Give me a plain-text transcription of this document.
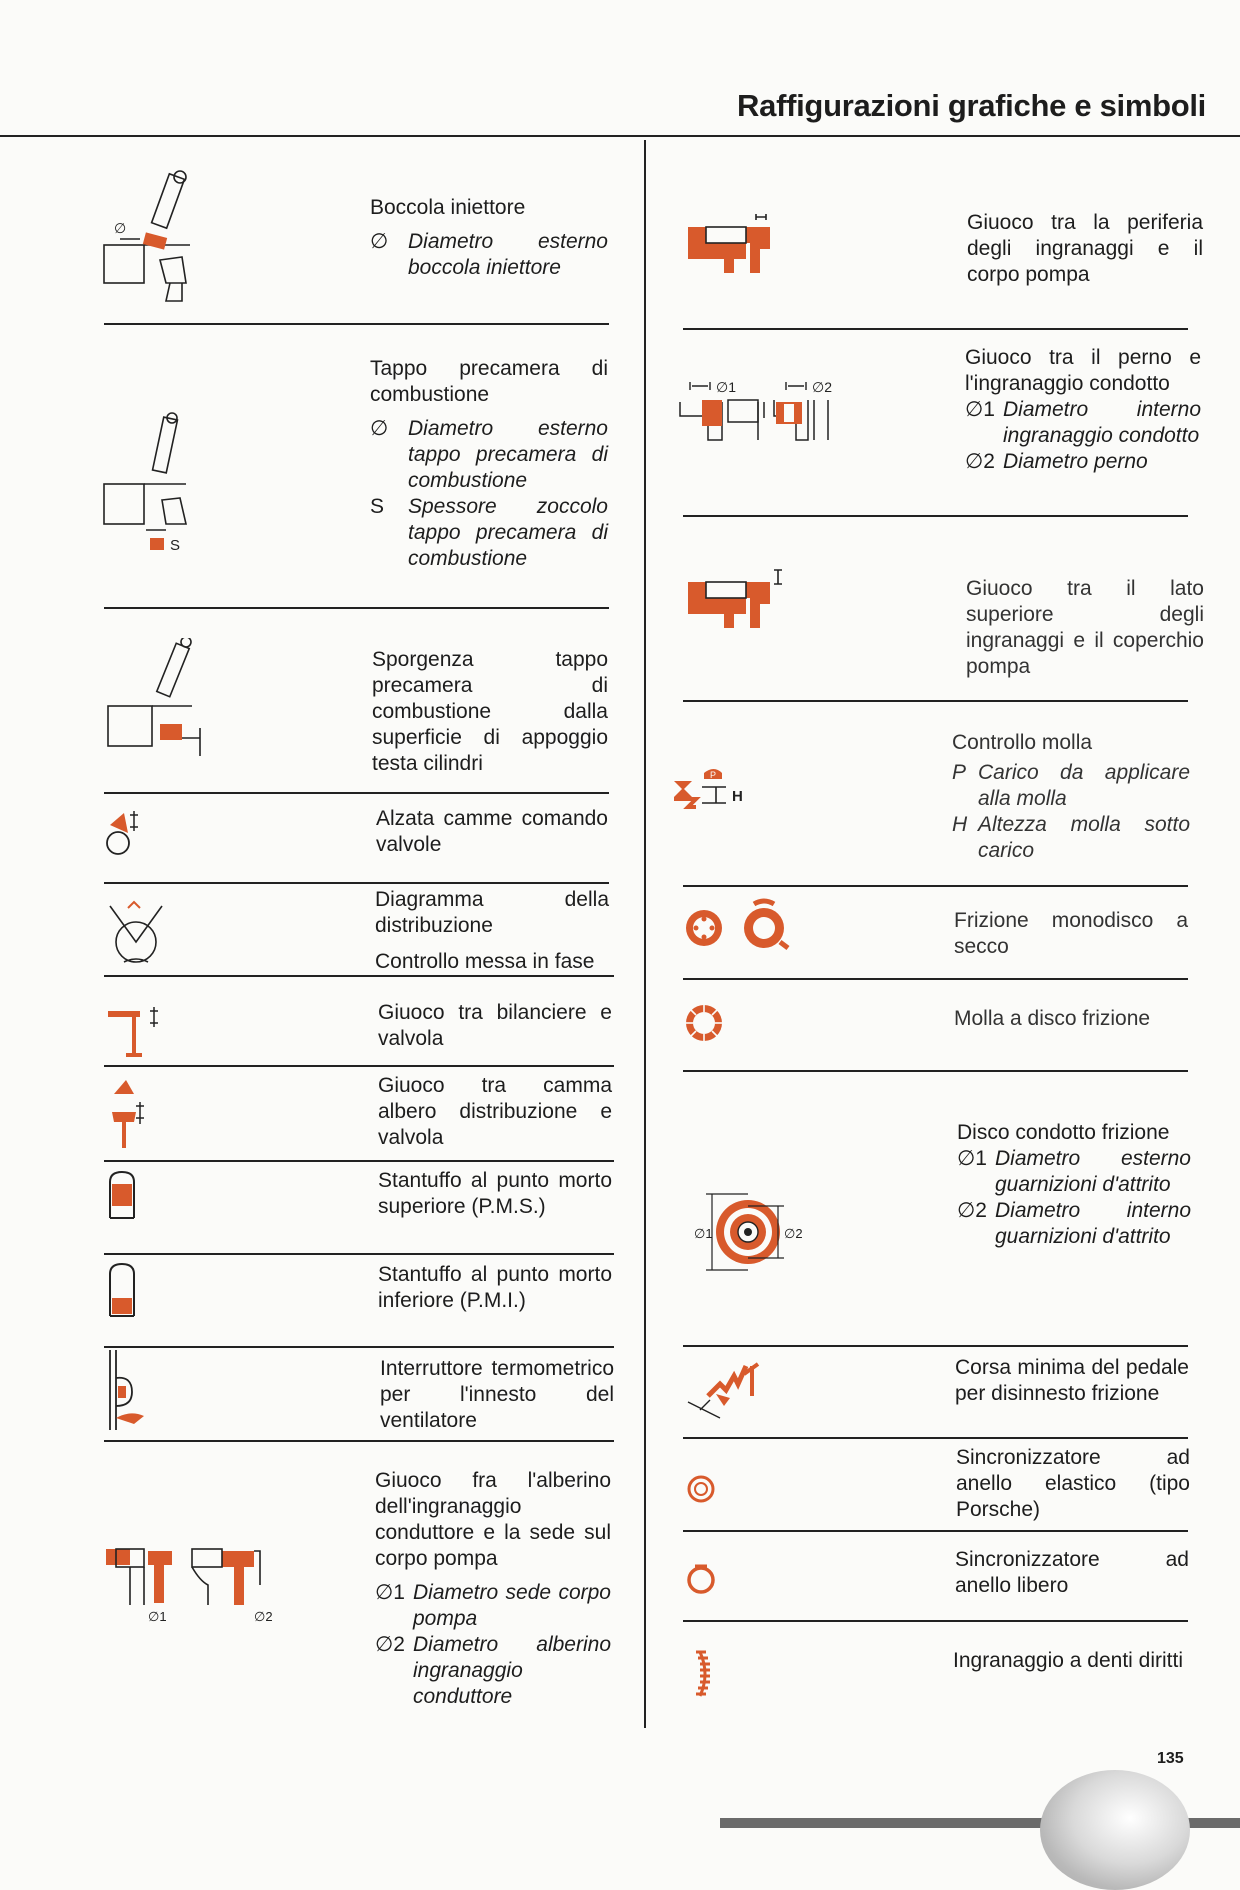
Raffigurazioni grafiche e simboli

Boccola iniettore

∅ Diametro esterno boccola iniettore

Tappo precamera di combustione

∅ Diametro esterno tappo precamera di combustione
S	Spessore zoccolo tappo precamera di combustione

Sporgenza tappo precamera di combustione dalla superficie di appoggio testa cilindri

Alzata camme comando valvole

Diagramma della distribuzione

Controllo messa in fase

Giuoco tra bilanciere e valvola

Giuoco tra camma albero distribuzione e valvola

Stantuffo al punto morto superiore (P.M.S.)

Stantuffo al punto morto inferiore (P.M.I.)

Interruttore termometrico per l'innesto del ventilatore

Giuoco fra l'alberino dell'ingranaggio conduttore e la sede sul corpo pompa

∅1 Diametro sede corpo pompa
∅2 Diametro alberino ingranaggio conduttore

Giuoco tra la periferia degli ingranaggi e il corpo pompa

Giuoco tra il perno e l'ingranaggio condotto

∅1 Diametro interno ingranaggio condotto
∅2 Diametro perno

Giuoco tra il lato superiore degli ingranaggi e il coperchio pompa

Controllo molla

P Carico da applicare alla molla
H Altezza molla sotto carico

Frizione monodisco a secco

Molla a disco frizione

Disco condotto frizione

∅1 Diametro esterno guarnizioni d'attrito
∅2 Diametro interno guarnizioni d'attrito

Corsa minima del pedale per disinnesto frizione

Sincronizzatore ad anello elastico (tipo Porsche)

Sincronizzatore ad anello libero

Ingranaggio a denti diritti

∅
S
∅1	∅2
∅1	∅2
P
H
∅1	∅2
135
